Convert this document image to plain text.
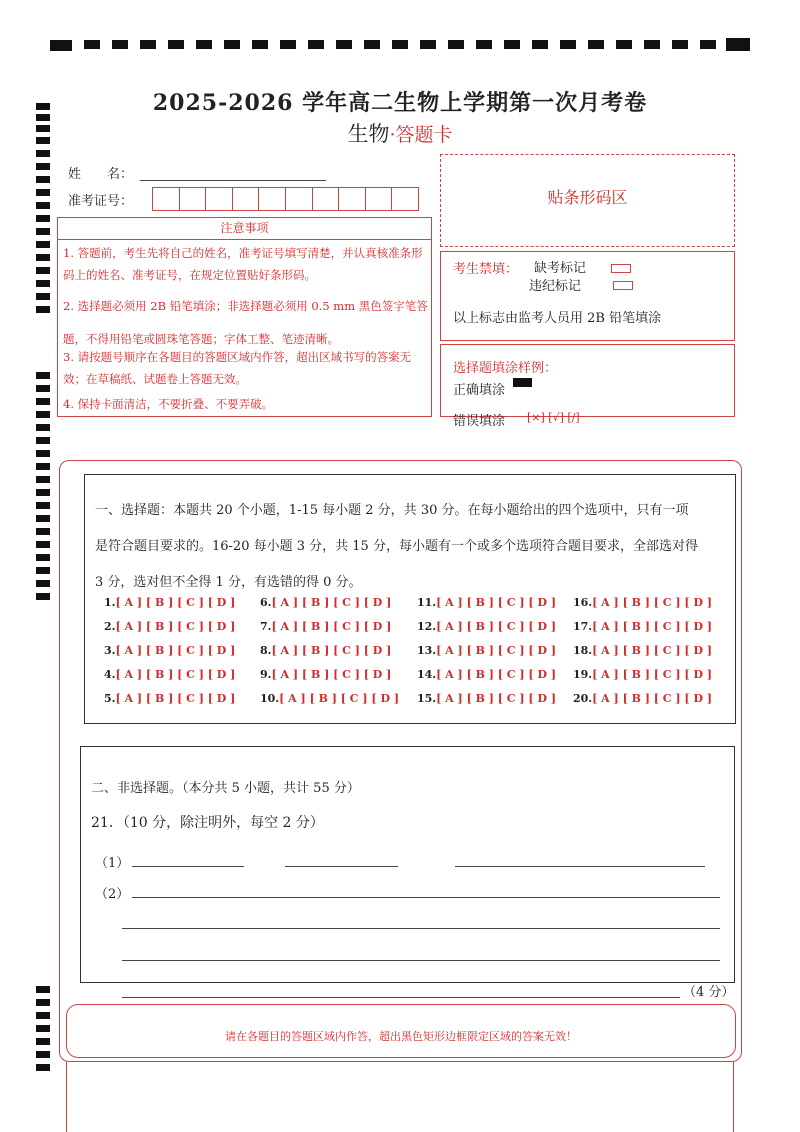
2025-2026 学年高二生物上学期第一次月考卷
生物·答题卡
姓　　名：
准考证号：	贴条形码区
注意事项
1. 答题前，考生先将自己的姓名，准考证号填写清楚，并认真核准条形码上的姓名、准考证号，在规定位置贴好条形码。
2. 选择题必须用 2B 铅笔填涂；非选择题必须用 0.5 mm 黑色签字笔答题，不得用铅笔或圆珠笔答题；字体工整、笔迹清晰。
3. 请按题号顺序在各题目的答题区域内作答，超出区域书写的答案无效；在草稿纸、试题卷上答题无效。
4. 保持卡面清洁，不要折叠、不要弄破。
考生禁填： 缺考标记
违纪标记
以上标志由监考人员用 2B 铅笔填涂
选择题填涂样例：
正确填涂
错误填涂 [×] [√] [/]
一、选择题：本题共 20 个小题，1-15 每小题 2 分，共 30 分。在每小题给出的四个选项中，只有一项
是符合题目要求的。16-20 每小题 3 分，共 15 分，每小题有一个或多个选项符合题目要求，全部选对得
3 分，选对但不全得 1 分，有选错的得 0 分。
1.[ A ] [ B ] [ C ] [ D ]
2.[ A ] [ B ] [ C ] [ D ]
3.[ A ] [ B ] [ C ] [ D ]
4.[ A ] [ B ] [ C ] [ D ]
5.[ A ] [ B ] [ C ] [ D ]
6.[ A ] [ B ] [ C ] [ D ]
7.[ A ] [ B ] [ C ] [ D ]
8.[ A ] [ B ] [ C ] [ D ]
9.[ A ] [ B ] [ C ] [ D ]
10.[ A ] [ B ] [ C ] [ D ]
11.[ A ] [ B ] [ C ] [ D ]
12.[ A ] [ B ] [ C ] [ D ]
13.[ A ] [ B ] [ C ] [ D ]
14.[ A ] [ B ] [ C ] [ D ]
15.[ A ] [ B ] [ C ] [ D ]
16.[ A ] [ B ] [ C ] [ D ]
17.[ A ] [ B ] [ C ] [ D ]
18.[ A ] [ B ] [ C ] [ D ]
19.[ A ] [ B ] [ C ] [ D ]
20.[ A ] [ B ] [ C ] [ D ]
二、非选择题。（本分共 5 小题，共计 55 分）
21．（10 分，除注明外，每空 2 分）
（1）
（2）
（4 分）
请在各题目的答题区域内作答，超出黑色矩形边框限定区域的答案无效！
